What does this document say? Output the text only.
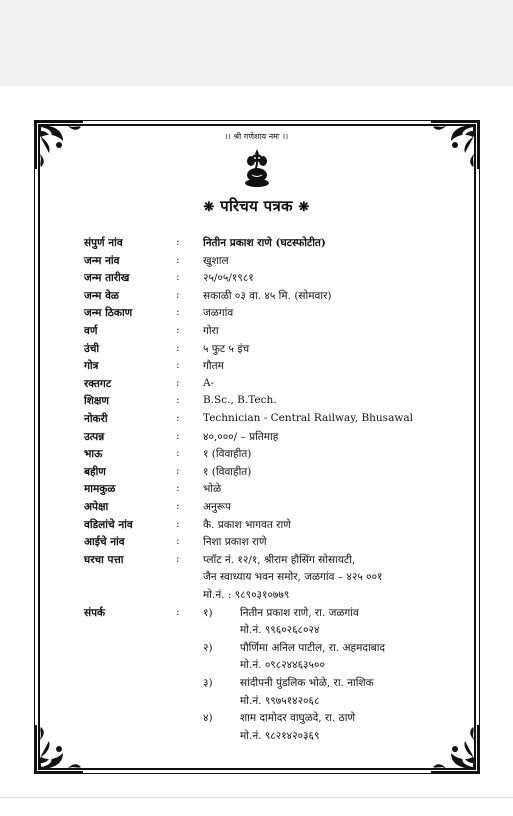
।। श्री गणेशाय नमः ।।
❋ परिचय पत्रक ❋
संपुर्ण नांव	: नितीन प्रकाश राणे (घटस्फोटीत)
जन्म नांव	: खुशाल
जन्म तारीख	: २५/०५/१९८१
जन्म वेळ	: सकाळी ०३ वा. ४५ मि. (सोमवार)
जन्म ठिकाण	: जळगांव
वर्ण	: गोरा
उंची	: ५ फुट ५ इंच
गोत्र	: गौतम
रक्तगट	: A-
शिक्षण	: B.Sc., B.Tech.
नोकरी	: Technician - Central Railway, Bhusawal
उत्पन्न	: ४०,०००/ – प्रतिमाह
भाऊ	: १ (विवाहीत)
बहीण	: १ (विवाहीत)
मामकुळ	: भोळे
अपेक्षा	: अनुरूप
वडिलांचे नांव	: कै. प्रकाश भागवत राणे
आईचे नांव	: निशा प्रकाश राणे
घरचा पत्ता	: प्लॉट नं. १२/१, श्रीराम हौसिंग सोसायटी,
जैन स्वाध्याय भवन समोर, जळगांव – ४२५ ००१
मो.नं. : ९८९०३१०७७९
संपर्क	: १)	नितीन प्रकाश राणे, रा. जळगांव
मो.नं. ९९६०२६८०२४
२)	पौर्णिमा अनिल पाटील, रा. अहमदाबाद
मो.नं. ०९८२४४६३५००
३)	सांदीपनी पुंडलिक भोळे, रा. नाशिक
मो.नं. ९९७५१४२०६८
४)	शाम दामोदर वाघुळदे, रा. ठाणे
मो.नं. ९८२१४२०३६९
